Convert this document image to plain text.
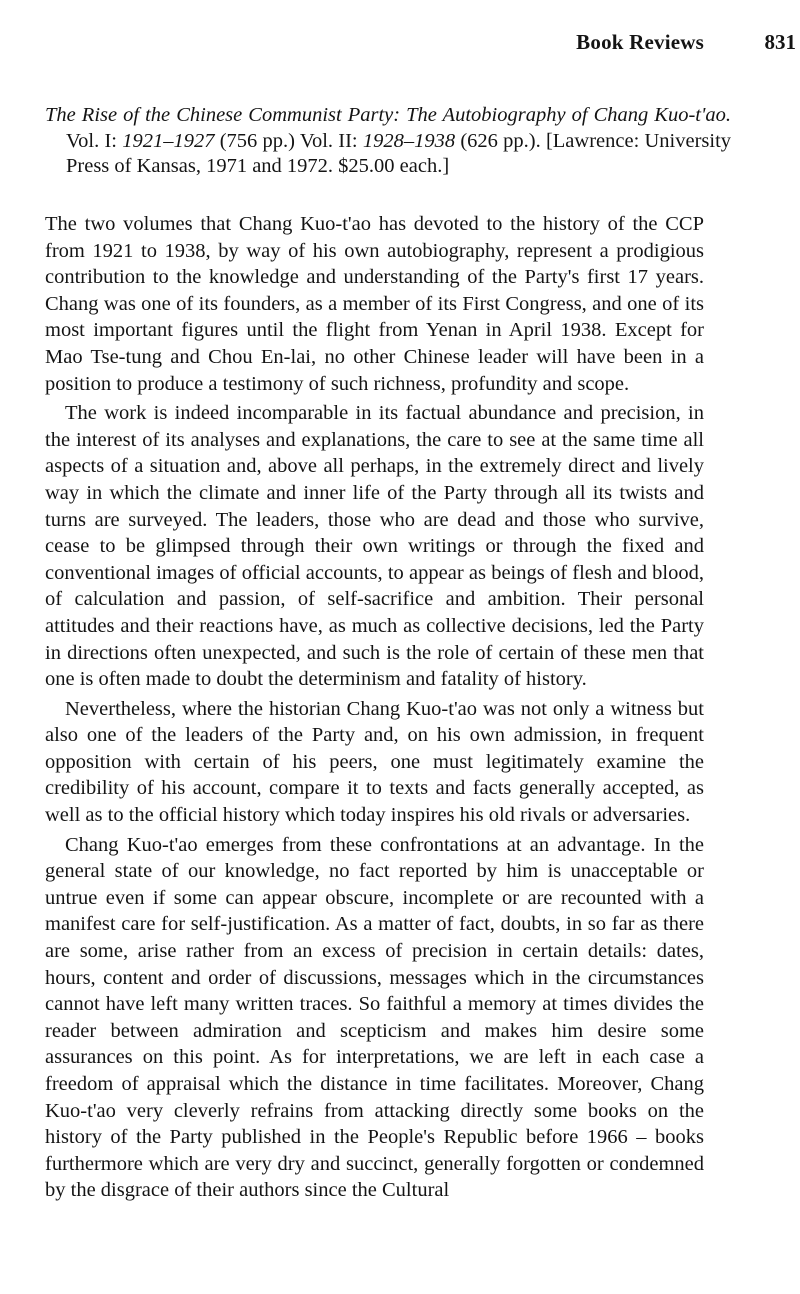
Book Reviews	831
The Rise of the Chinese Communist Party: The Autobiography of Chang Kuo-t'ao. Vol. I: 1921–1927 (756 pp.) Vol. II: 1928–1938 (626 pp.). [Lawrence: University Press of Kansas, 1971 and 1972. $25.00 each.]

The two volumes that Chang Kuo-t'ao has devoted to the history of the CCP from 1921 to 1938, by way of his own autobiography, represent a prodigious contribution to the knowledge and understanding of the Party's first 17 years. Chang was one of its founders, as a member of its First Congress, and one of its most important figures until the flight from Yenan in April 1938. Except for Mao Tse-tung and Chou En-lai, no other Chinese leader will have been in a position to produce a testimony of such richness, profundity and scope.

The work is indeed incomparable in its factual abundance and precision, in the interest of its analyses and explanations, the care to see at the same time all aspects of a situation and, above all perhaps, in the extremely direct and lively way in which the climate and inner life of the Party through all its twists and turns are surveyed. The leaders, those who are dead and those who survive, cease to be glimpsed through their own writings or through the fixed and conventional images of official accounts, to appear as beings of flesh and blood, of calculation and passion, of self-sacrifice and ambition. Their personal attitudes and their reactions have, as much as collective decisions, led the Party in directions often unexpected, and such is the role of certain of these men that one is often made to doubt the determinism and fatality of history.

Nevertheless, where the historian Chang Kuo-t'ao was not only a witness but also one of the leaders of the Party and, on his own admission, in frequent opposition with certain of his peers, one must legitimately examine the credibility of his account, compare it to texts and facts generally accepted, as well as to the official history which today inspires his old rivals or adversaries.

Chang Kuo-t'ao emerges from these confrontations at an advantage. In the general state of our knowledge, no fact reported by him is unacceptable or untrue even if some can appear obscure, incomplete or are recounted with a manifest care for self-justification. As a matter of fact, doubts, in so far as there are some, arise rather from an excess of precision in certain details: dates, hours, content and order of discussions, messages which in the circumstances cannot have left many written traces. So faithful a memory at times divides the reader between admiration and scepticism and makes him desire some assurances on this point. As for interpretations, we are left in each case a freedom of appraisal which the distance in time facilitates. Moreover, Chang Kuo-t'ao very cleverly refrains from attacking directly some books on the history of the Party published in the People's Republic before 1966 – books furthermore which are very dry and succinct, generally forgotten or condemned by the disgrace of their authors since the Cultural
